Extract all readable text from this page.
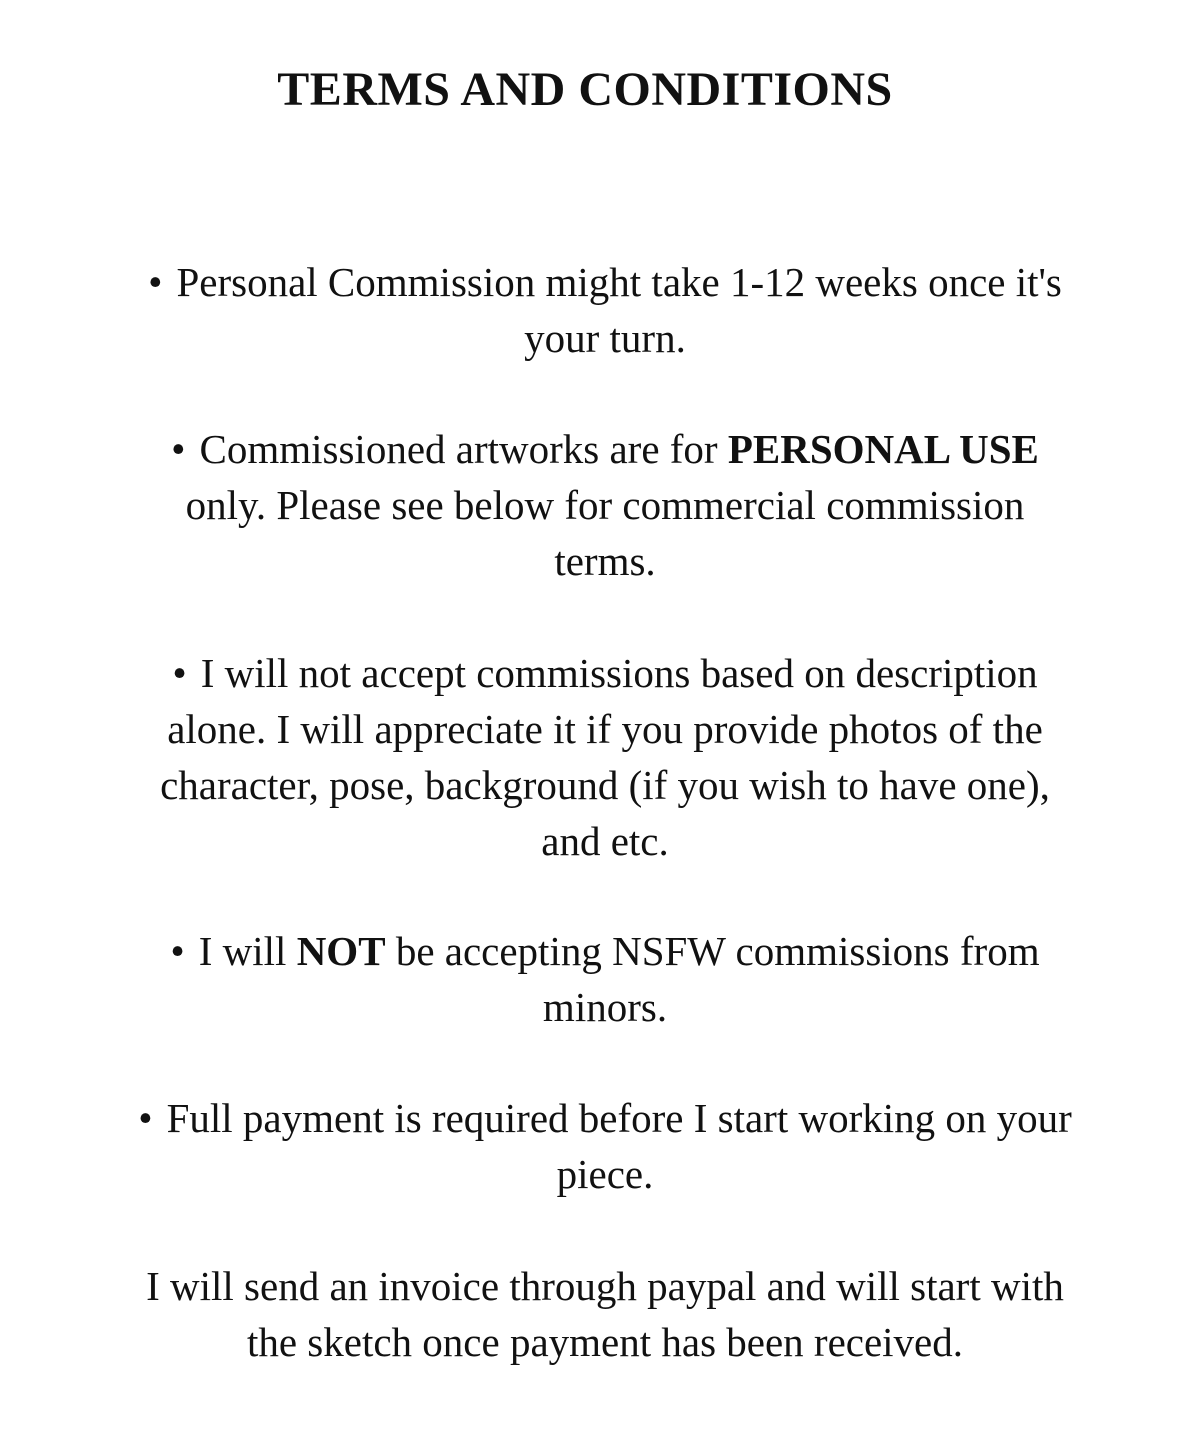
TERMS AND CONDITIONS

• Personal Commission might take 1-12 weeks once it's your turn.

• Commissioned artworks are for PERSONAL USE only. Please see below for commercial commission terms.

• I will not accept commissions based on description alone. I will appreciate it if you provide photos of the character, pose, background (if you wish to have one), and etc.

• I will NOT be accepting NSFW commissions from minors.

• Full payment is required before I start working on your piece.

I will send an invoice through paypal and will start with the sketch once payment has been received.
